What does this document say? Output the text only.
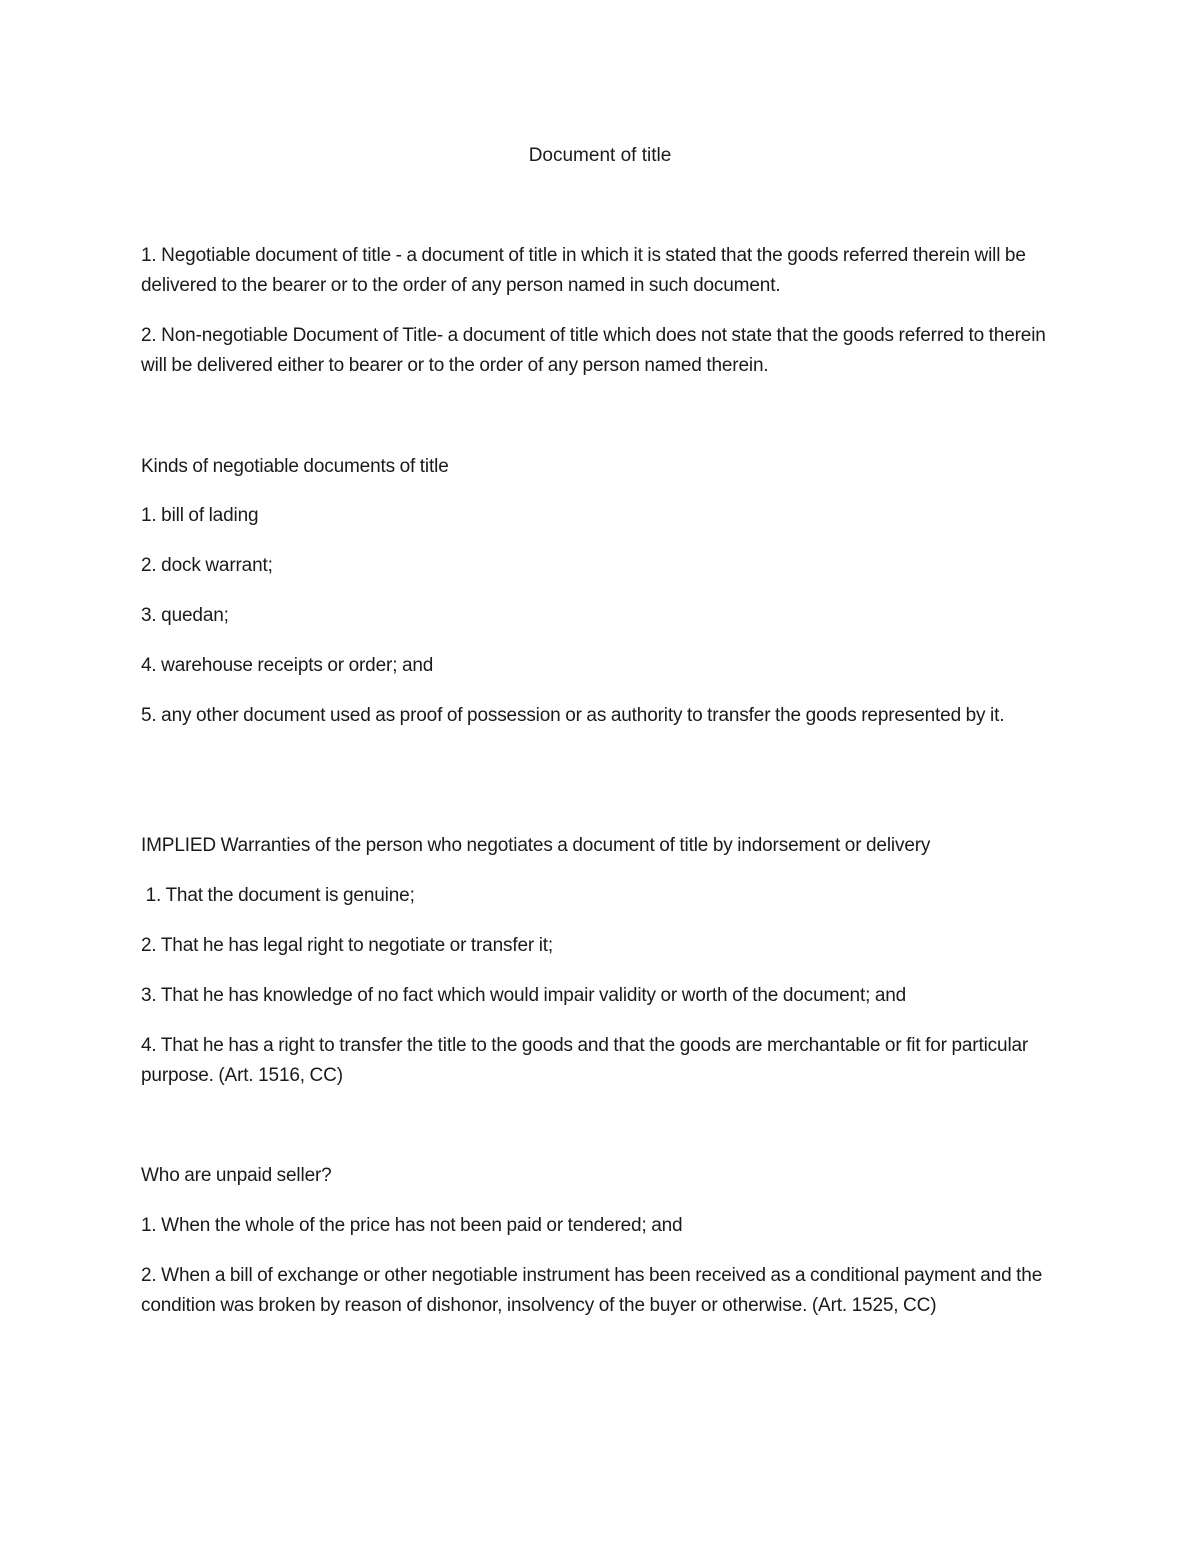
Document of title

1. Negotiable document of title - a document of title in which it is stated that the goods referred therein will be delivered to the bearer or to the order of any person named in such document.

2. Non-negotiable Document of Title- a document of title which does not state that the goods referred to therein will be delivered either to bearer or to the order of any person named therein.

Kinds of negotiable documents of title

1. bill of lading

2. dock warrant;

3. quedan;

4. warehouse receipts or order; and

5. any other document used as proof of possession or as authority to transfer the goods represented by it.

IMPLIED Warranties of the person who negotiates a document of title by indorsement or delivery

1. That the document is genuine;

2. That he has legal right to negotiate or transfer it;

3. That he has knowledge of no fact which would impair validity or worth of the document; and

4. That he has a right to transfer the title to the goods and that the goods are merchantable or fit for particular purpose. (Art. 1516, CC)

Who are unpaid seller?

1. When the whole of the price has not been paid or tendered; and

2. When a bill of exchange or other negotiable instrument has been received as a conditional payment and the condition was broken by reason of dishonor, insolvency of the buyer or otherwise. (Art. 1525, CC)
